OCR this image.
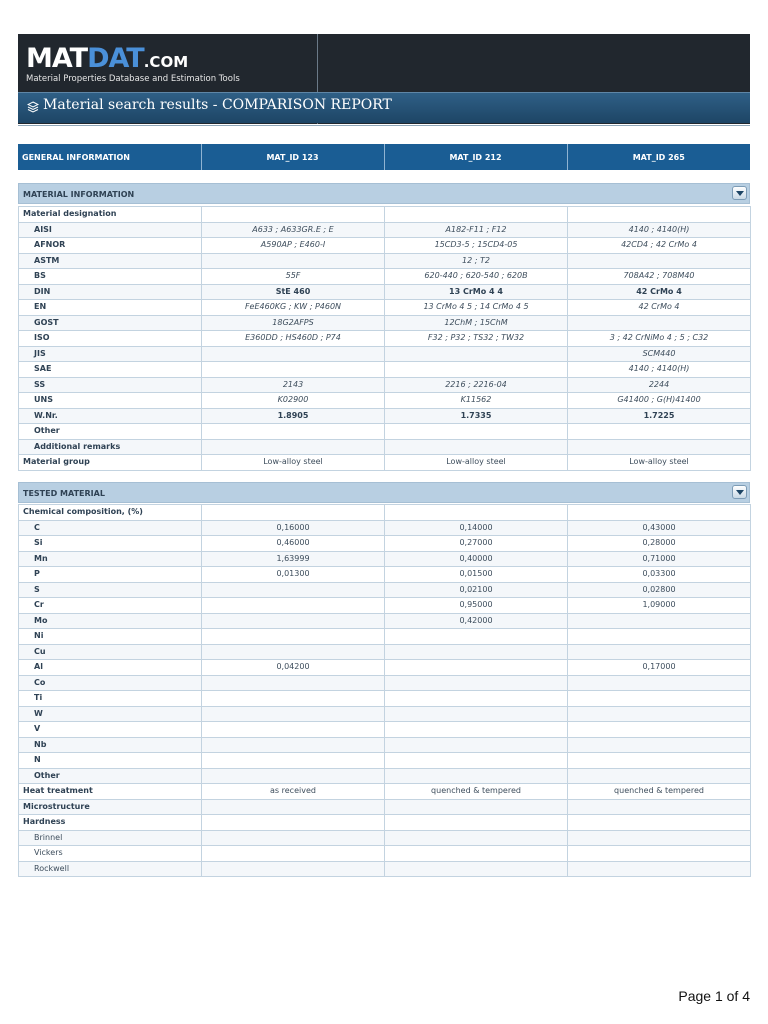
MATDAT.COM
Material Properties Database and Estimation Tools
Material search results - COMPARISON REPORT
GENERAL INFORMATION	MAT_ID 123	MAT_ID 212	MAT_ID 265
MATERIAL INFORMATION
Material designation			
AISI	A633 ; A633GR.E ; E	A182-F11 ; F12	4140 ; 4140(H)
AFNOR	A590AP ; E460-I	15CD3-5 ; 15CD4-05	42CD4 ; 42 CrMo 4
ASTM		12 ; T2	
BS	55F	620-440 ; 620-540 ; 620B	708A42 ; 708M40
DIN	StE 460	13 CrMo 4 4	42 CrMo 4
EN	FeE460KG ; KW ; P460N	13 CrMo 4 5 ; 14 CrMo 4 5	42 CrMo 4
GOST	18G2AFPS	12ChM ; 15ChM	
ISO	E360DD ; HS460D ; P74	F32 ; P32 ; TS32 ; TW32	3 ; 42 CrNiMo 4 ; 5 ; C32
JIS			SCM440
SAE			4140 ; 4140(H)
SS	2143	2216 ; 2216-04	2244
UNS	K02900	K11562	G41400 ; G(H)41400
W.Nr.	1.8905	1.7335	1.7225
Other			
Additional remarks			
Material group	Low-alloy steel	Low-alloy steel	Low-alloy steel
TESTED MATERIAL
Chemical composition, (%)			
C	0,16000	0,14000	0,43000
Si	0,46000	0,27000	0,28000
Mn	1,63999	0,40000	0,71000
P	0,01300	0,01500	0,03300
S		0,02100	0,02800
Cr		0,95000	1,09000
Mo		0,42000	
Ni			
Cu			
Al	0,04200		0,17000
Co			
Ti			
W			
V			
Nb			
N			
Other			
Heat treatment	as received	quenched & tempered	quenched & tempered
Microstructure			
Hardness			
Brinnel			
Vickers			
Rockwell			
Page 1 of 4
